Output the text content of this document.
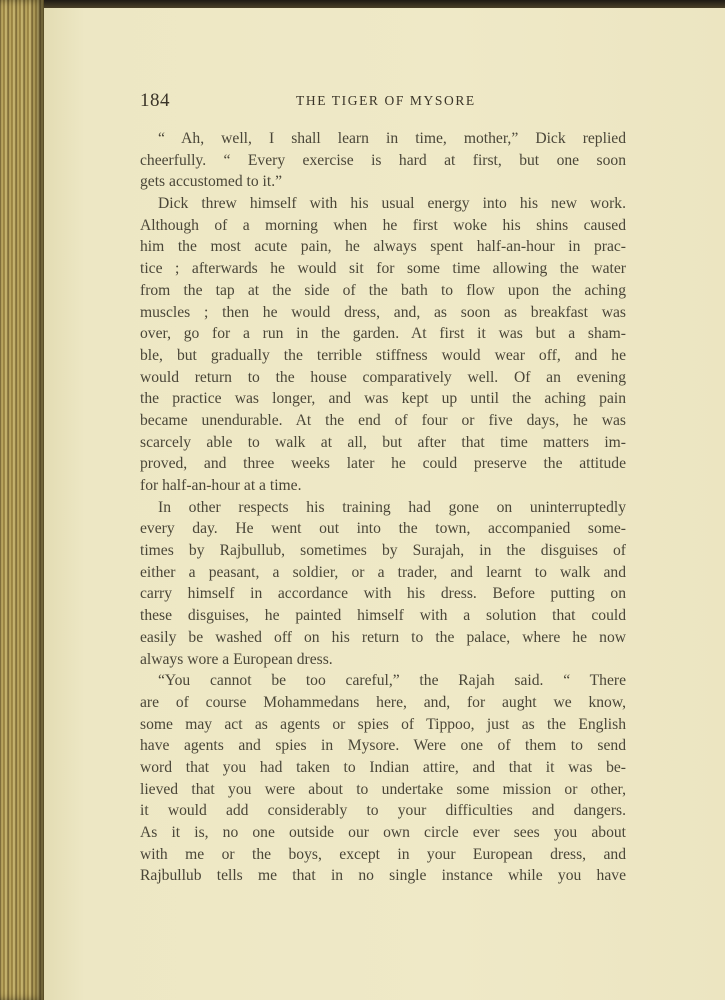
184	THE TIGER OF MYSORE
“ Ah, well, I shall learn in time, mother,” Dick replied
cheerfully. “ Every exercise is hard at first, but one soon
gets accustomed to it.”
Dick threw himself with his usual energy into his new work.
Although of a morning when he first woke his shins caused
him the most acute pain, he always spent half-an-hour in prac-
tice ; afterwards he would sit for some time allowing the water
from the tap at the side of the bath to flow upon the aching
muscles ; then he would dress, and, as soon as breakfast was
over, go for a run in the garden. At first it was but a sham-
ble, but gradually the terrible stiffness would wear off, and he
would return to the house comparatively well. Of an evening
the practice was longer, and was kept up until the aching pain
became unendurable. At the end of four or five days, he was
scarcely able to walk at all, but after that time matters im-
proved, and three weeks later he could preserve the attitude
for half-an-hour at a time.
In other respects his training had gone on uninterruptedly
every day. He went out into the town, accompanied some-
times by Rajbullub, sometimes by Surajah, in the disguises of
either a peasant, a soldier, or a trader, and learnt to walk and
carry himself in accordance with his dress. Before putting on
these disguises, he painted himself with a solution that could
easily be washed off on his return to the palace, where he now
always wore a European dress.
“You cannot be too careful,” the Rajah said. “ There
are of course Mohammedans here, and, for aught we know,
some may act as agents or spies of Tippoo, just as the English
have agents and spies in Mysore. Were one of them to send
word that you had taken to Indian attire, and that it was be-
lieved that you were about to undertake some mission or other,
it would add considerably to your difficulties and dangers.
As it is, no one outside our own circle ever sees you about
with me or the boys, except in your European dress, and
Rajbullub tells me that in no single instance while you have
